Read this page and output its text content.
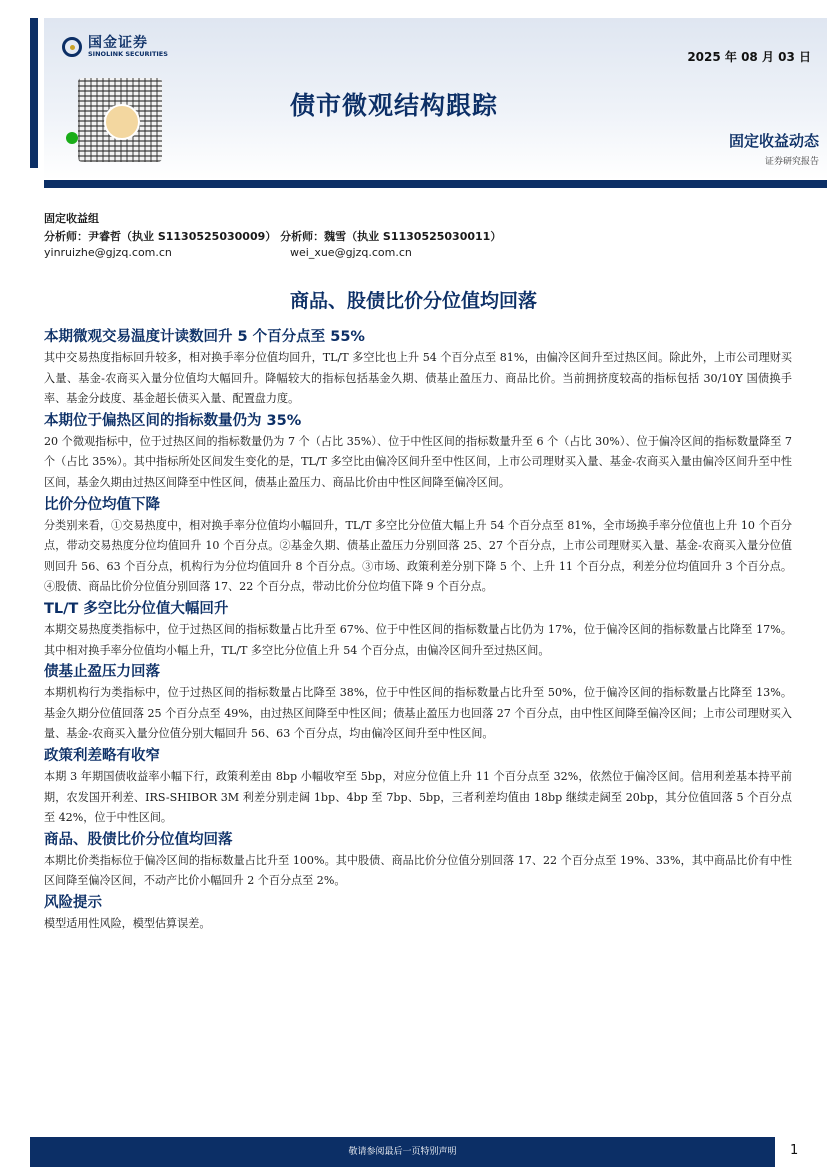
国金证券
SINOLINK SECURITIES	2025 年 08 月 03 日
债市微观结构跟踪
固定收益动态
证券研究报告
固定收益组
分析师：尹睿哲（执业 S1130525030009） 分析师：魏雪（执业 S1130525030011）
yinruizhe@gjzq.com.cn	wei_xue@gjzq.com.cn
商品、股债比价分位值均回落

本期微观交易温度计读数回升 5 个百分点至 55%

其中交易热度指标回升较多，相对换手率分位值均回升，TL/T 多空比也上升 54 个百分点至 81%，由偏冷区间升至过热区间。除此外，上市公司理财买入量、基金-农商买入量分位值均大幅回升。降幅较大的指标包括基金久期、债基止盈压力、商品比价。当前拥挤度较高的指标包括 30/10Y 国债换手率、基金分歧度、基金超长债买入量、配置盘力度。

本期位于偏热区间的指标数量仍为 35%

20 个微观指标中，位于过热区间的指标数量仍为 7 个（占比 35%）、位于中性区间的指标数量升至 6 个（占比 30%）、位于偏冷区间的指标数量降至 7 个（占比 35%）。其中指标所处区间发生变化的是，TL/T 多空比由偏冷区间升至中性区间，上市公司理财买入量、基金-农商买入量由偏冷区间升至中性区间，基金久期由过热区间降至中性区间，债基止盈压力、商品比价由中性区间降至偏冷区间。

比价分位均值下降

分类别来看，①交易热度中，相对换手率分位值均小幅回升，TL/T 多空比分位值大幅上升 54 个百分点至 81%，全市场换手率分位值也上升 10 个百分点，带动交易热度分位均值回升 10 个百分点。②基金久期、债基止盈压力分别回落 25、27 个百分点，上市公司理财买入量、基金-农商买入量分位值则回升 56、63 个百分点，机构行为分位均值回升 8 个百分点。③市场、政策利差分别下降 5 个、上升 11 个百分点，利差分位均值回升 3 个百分点。④股债、商品比价分位值分别回落 17、22 个百分点，带动比价分位均值下降 9 个百分点。

TL/T 多空比分位值大幅回升

本期交易热度类指标中，位于过热区间的指标数量占比升至 67%、位于中性区间的指标数量占比仍为 17%，位于偏冷区间的指标数量占比降至 17%。其中相对换手率分位值均小幅上升，TL/T 多空比分位值上升 54 个百分点，由偏冷区间升至过热区间。

债基止盈压力回落

本期机构行为类指标中，位于过热区间的指标数量占比降至 38%，位于中性区间的指标数量占比升至 50%，位于偏冷区间的指标数量占比降至 13%。基金久期分位值回落 25 个百分点至 49%，由过热区间降至中性区间；债基止盈压力也回落 27 个百分点，由中性区间降至偏冷区间；上市公司理财买入量、基金-农商买入量分位值分别大幅回升 56、63 个百分点，均由偏冷区间升至中性区间。

政策利差略有收窄

本期 3 年期国债收益率小幅下行，政策利差由 8bp 小幅收窄至 5bp，对应分位值上升 11 个百分点至 32%，依然位于偏冷区间。信用利差基本持平前期，农发国开利差、IRS-SHIBOR 3M 利差分别走阔 1bp、4bp 至 7bp、5bp，三者利差均值由 18bp 继续走阔至 20bp，其分位值回落 5 个百分点至 42%，位于中性区间。

商品、股债比价分位值均回落

本期比价类指标位于偏冷区间的指标数量占比升至 100%。其中股债、商品比价分位值分别回落 17、22 个百分点至 19%、33%，其中商品比价有中性区间降至偏冷区间，不动产比价小幅回升 2 个百分点至 2%。

风险提示

模型适用性风险，模型估算误差。

敬请参阅最后一页特别声明	1
